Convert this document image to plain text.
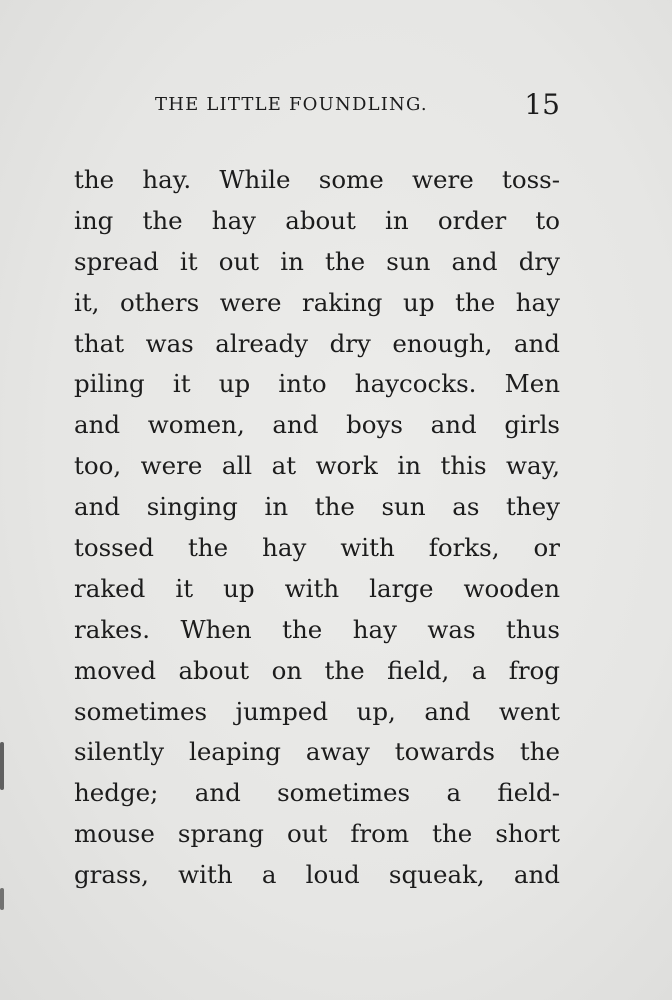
THE LITTLE FOUNDLING.	15
the hay. While some were toss-
ing the hay about in order to
spread it out in the sun and dry
it, others were raking up the hay
that was already dry enough, and
piling it up into haycocks. Men
and women, and boys and girls
too, were all at work in this way,
and singing in the sun as they
tossed the hay with forks, or
raked it up with large wooden
rakes. When the hay was thus
moved about on the field, a frog
sometimes jumped up, and went
silently leaping away towards the
hedge; and sometimes a field-
mouse sprang out from the short
grass, with a loud squeak, and
